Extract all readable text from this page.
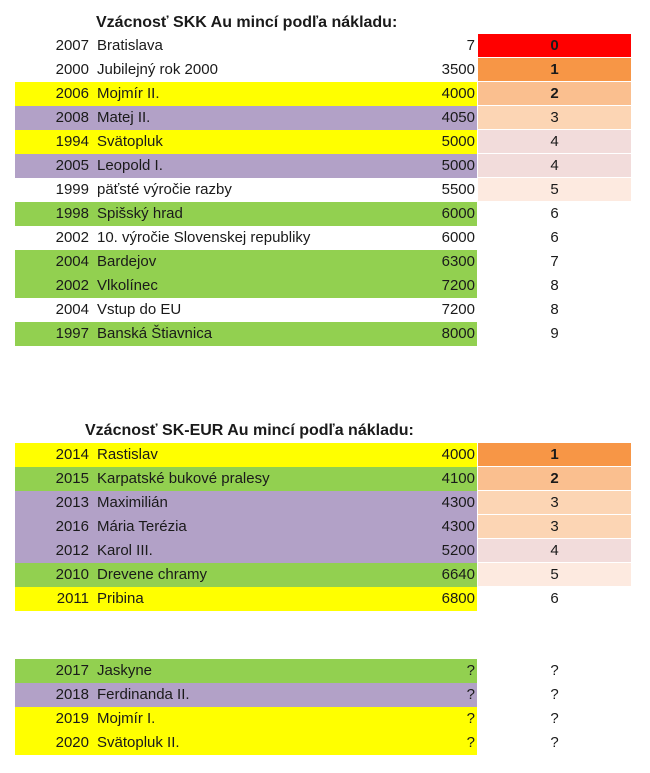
Vzácnosť SKK Au mincí podľa nákladu:
2007 Bratislava	7	0
2000 Jubilejný rok 2000	3500	1
2006 Mojmír II.	4000	2
2008 Matej II.	4050	3
1994 Svätopluk	5000	4
2005 Leopold I.	5000	4
1999 päťsté výročie razby	5500	5
1998 Spišský hrad	6000	6
2002 10. výročie Slovenskej republiky	6000	6
2004 Bardejov	6300	7
2002 Vlkolínec	7200	8
2004 Vstup do EU	7200	8
1997 Banská Štiavnica	8000	9
Vzácnosť SK-EUR Au mincí podľa nákladu:
2014 Rastislav	4000	1
2015 Karpatské bukové pralesy	4100	2
2013 Maximilián	4300	3
2016 Mária Terézia	4300	3
2012 Karol III.	5200	4
2010 Drevene chramy	6640	5
2011 Pribina	6800	6
2017 Jaskyne	?	?
2018 Ferdinanda II.	?	?
2019 Mojmír I.	?	?
2020 Svätopluk II.	?	?
